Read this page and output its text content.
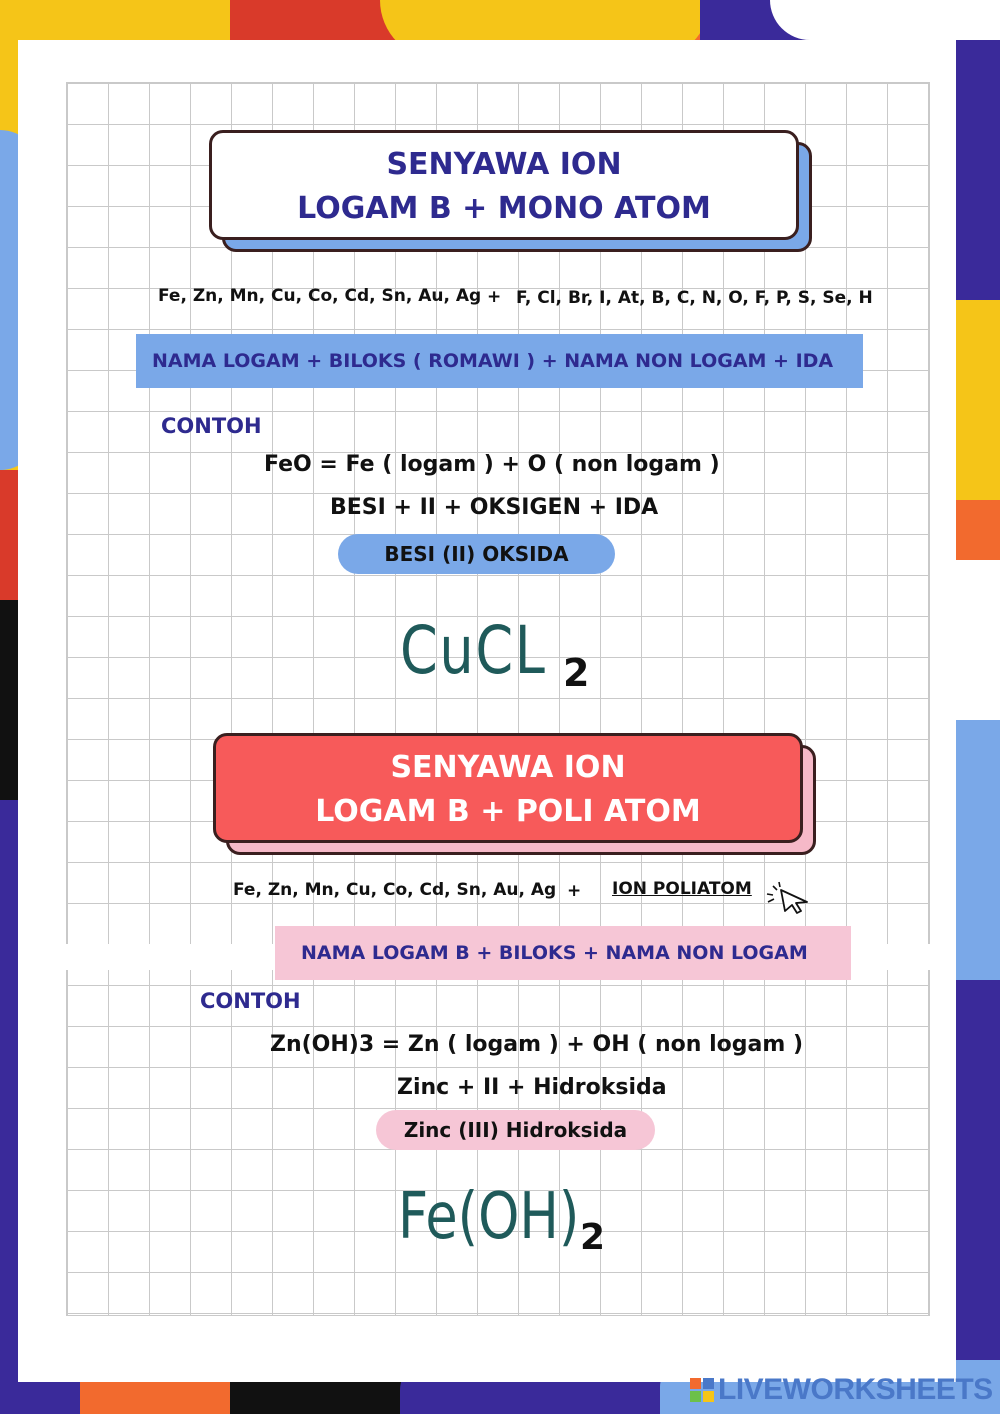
SENYAWA ION
LOGAM B + MONO ATOM
Fe, Zn, Mn, Cu, Co, Cd, Sn, Au, Ag + F, Cl, Br, I, At, B, C, N, O, F, P, S, Se, H
NAMA LOGAM + BILOKS ( ROMAWI ) + NAMA NON LOGAM + IDA
CONTOH
FeO = Fe ( logam ) + O ( non logam )
BESI + II + OKSIGEN + IDA
BESI (II) OKSIDA
CuCL 2
SENYAWA ION
LOGAM B + POLI ATOM
Fe, Zn, Mn, Cu, Co, Cd, Sn, Au, Ag + ION POLIATOM
NAMA LOGAM B + BILOKS + NAMA NON LOGAM
CONTOH
Zn(OH)3 = Zn ( logam ) + OH ( non logam )
Zinc + II + Hidroksida
Zinc (III) Hidroksida
Fe(OH) 2
LIVEWORKSHEETS
